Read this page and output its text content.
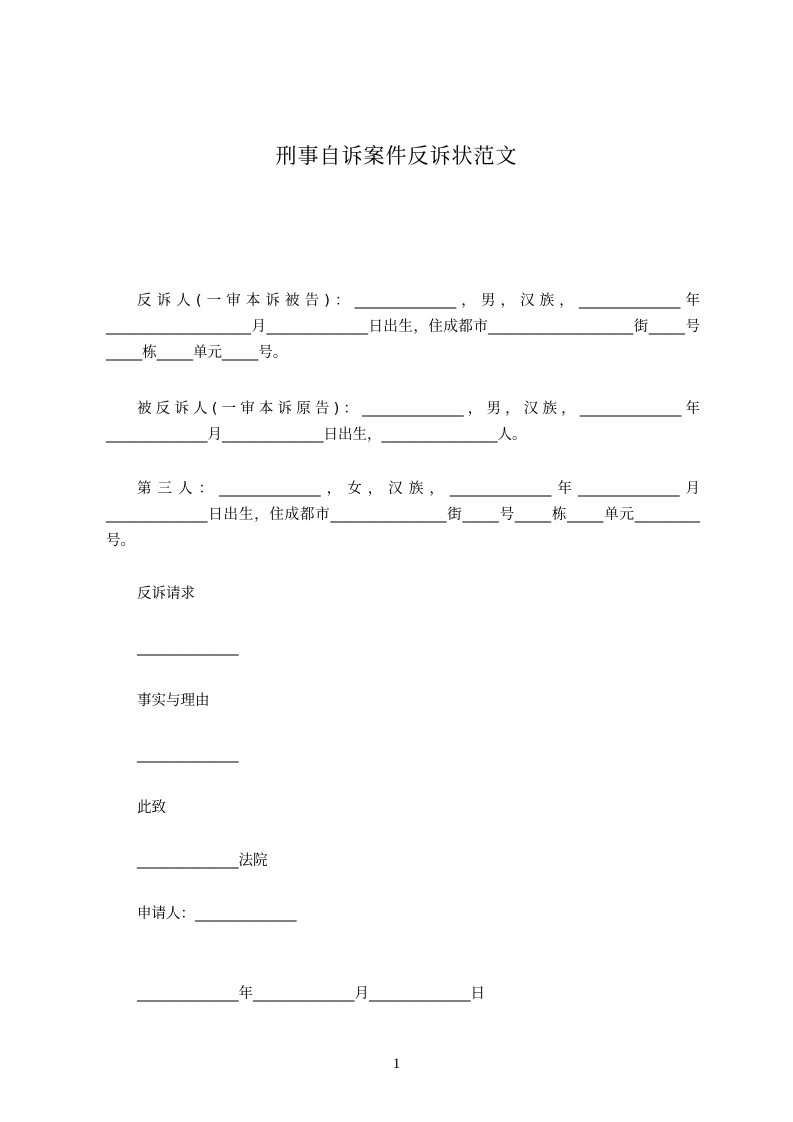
刑事自诉案件反诉状范文
反诉人(一审本诉被告)：______________，男，汉族，______________年____________________月______________日出生，住成都市____________________街_____号_____栋_____单元_____号。
被反诉人(一审本诉原告)：______________，男，汉族，______________年______________月______________日出生，________________人。
第三人：______________，女，汉族，______________年______________月______________日出生，住成都市________________街_____号_____栋_____单元_________号。
反诉请求
______________
事实与理由
______________
此致
______________法院
申请人：______________
______________年______________月______________日
1
